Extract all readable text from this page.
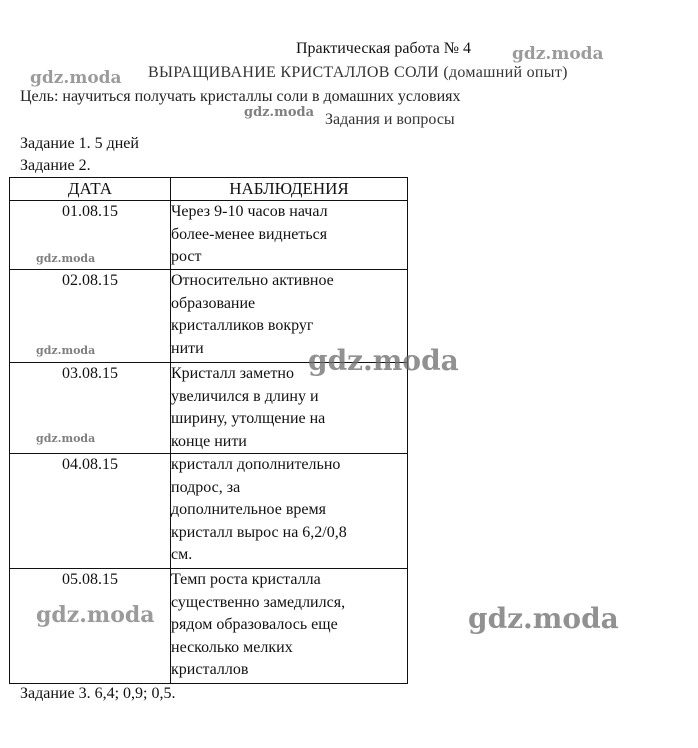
Практическая работа № 4
ВЫРАЩИВАНИЕ КРИСТАЛЛОВ СОЛИ (домашний опыт)
Цель: научиться получать кристаллы соли в домашних условиях
Задания и вопросы
Задание 1. 5 дней
Задание 2.
ДАТА	НАБЛЮДЕНИЯ
01.08.15	Через 9-10 часов начал
более-менее виднеться
рост
02.08.15	Относительно активное
образование
кристалликов вокруг
нити
03.08.15	Кристалл заметно
увеличился в длину и
ширину, утолщение на
конце нити
04.08.15	кристалл дополнительно
подрос, за
дополнительное время
кристалл вырос на 6,2/0,8
см.
05.08.15	Темп роста кристалла
существенно замедлился,
рядом образовалось еще
несколько мелких
кристаллов
Задание 3. 6,4; 0,9; 0,5.
gdz.moda
gdz.moda
gdz.moda
gdz.moda
gdz.moda
gdz.moda
gdz.moda
gdz.moda	gdz.moda
